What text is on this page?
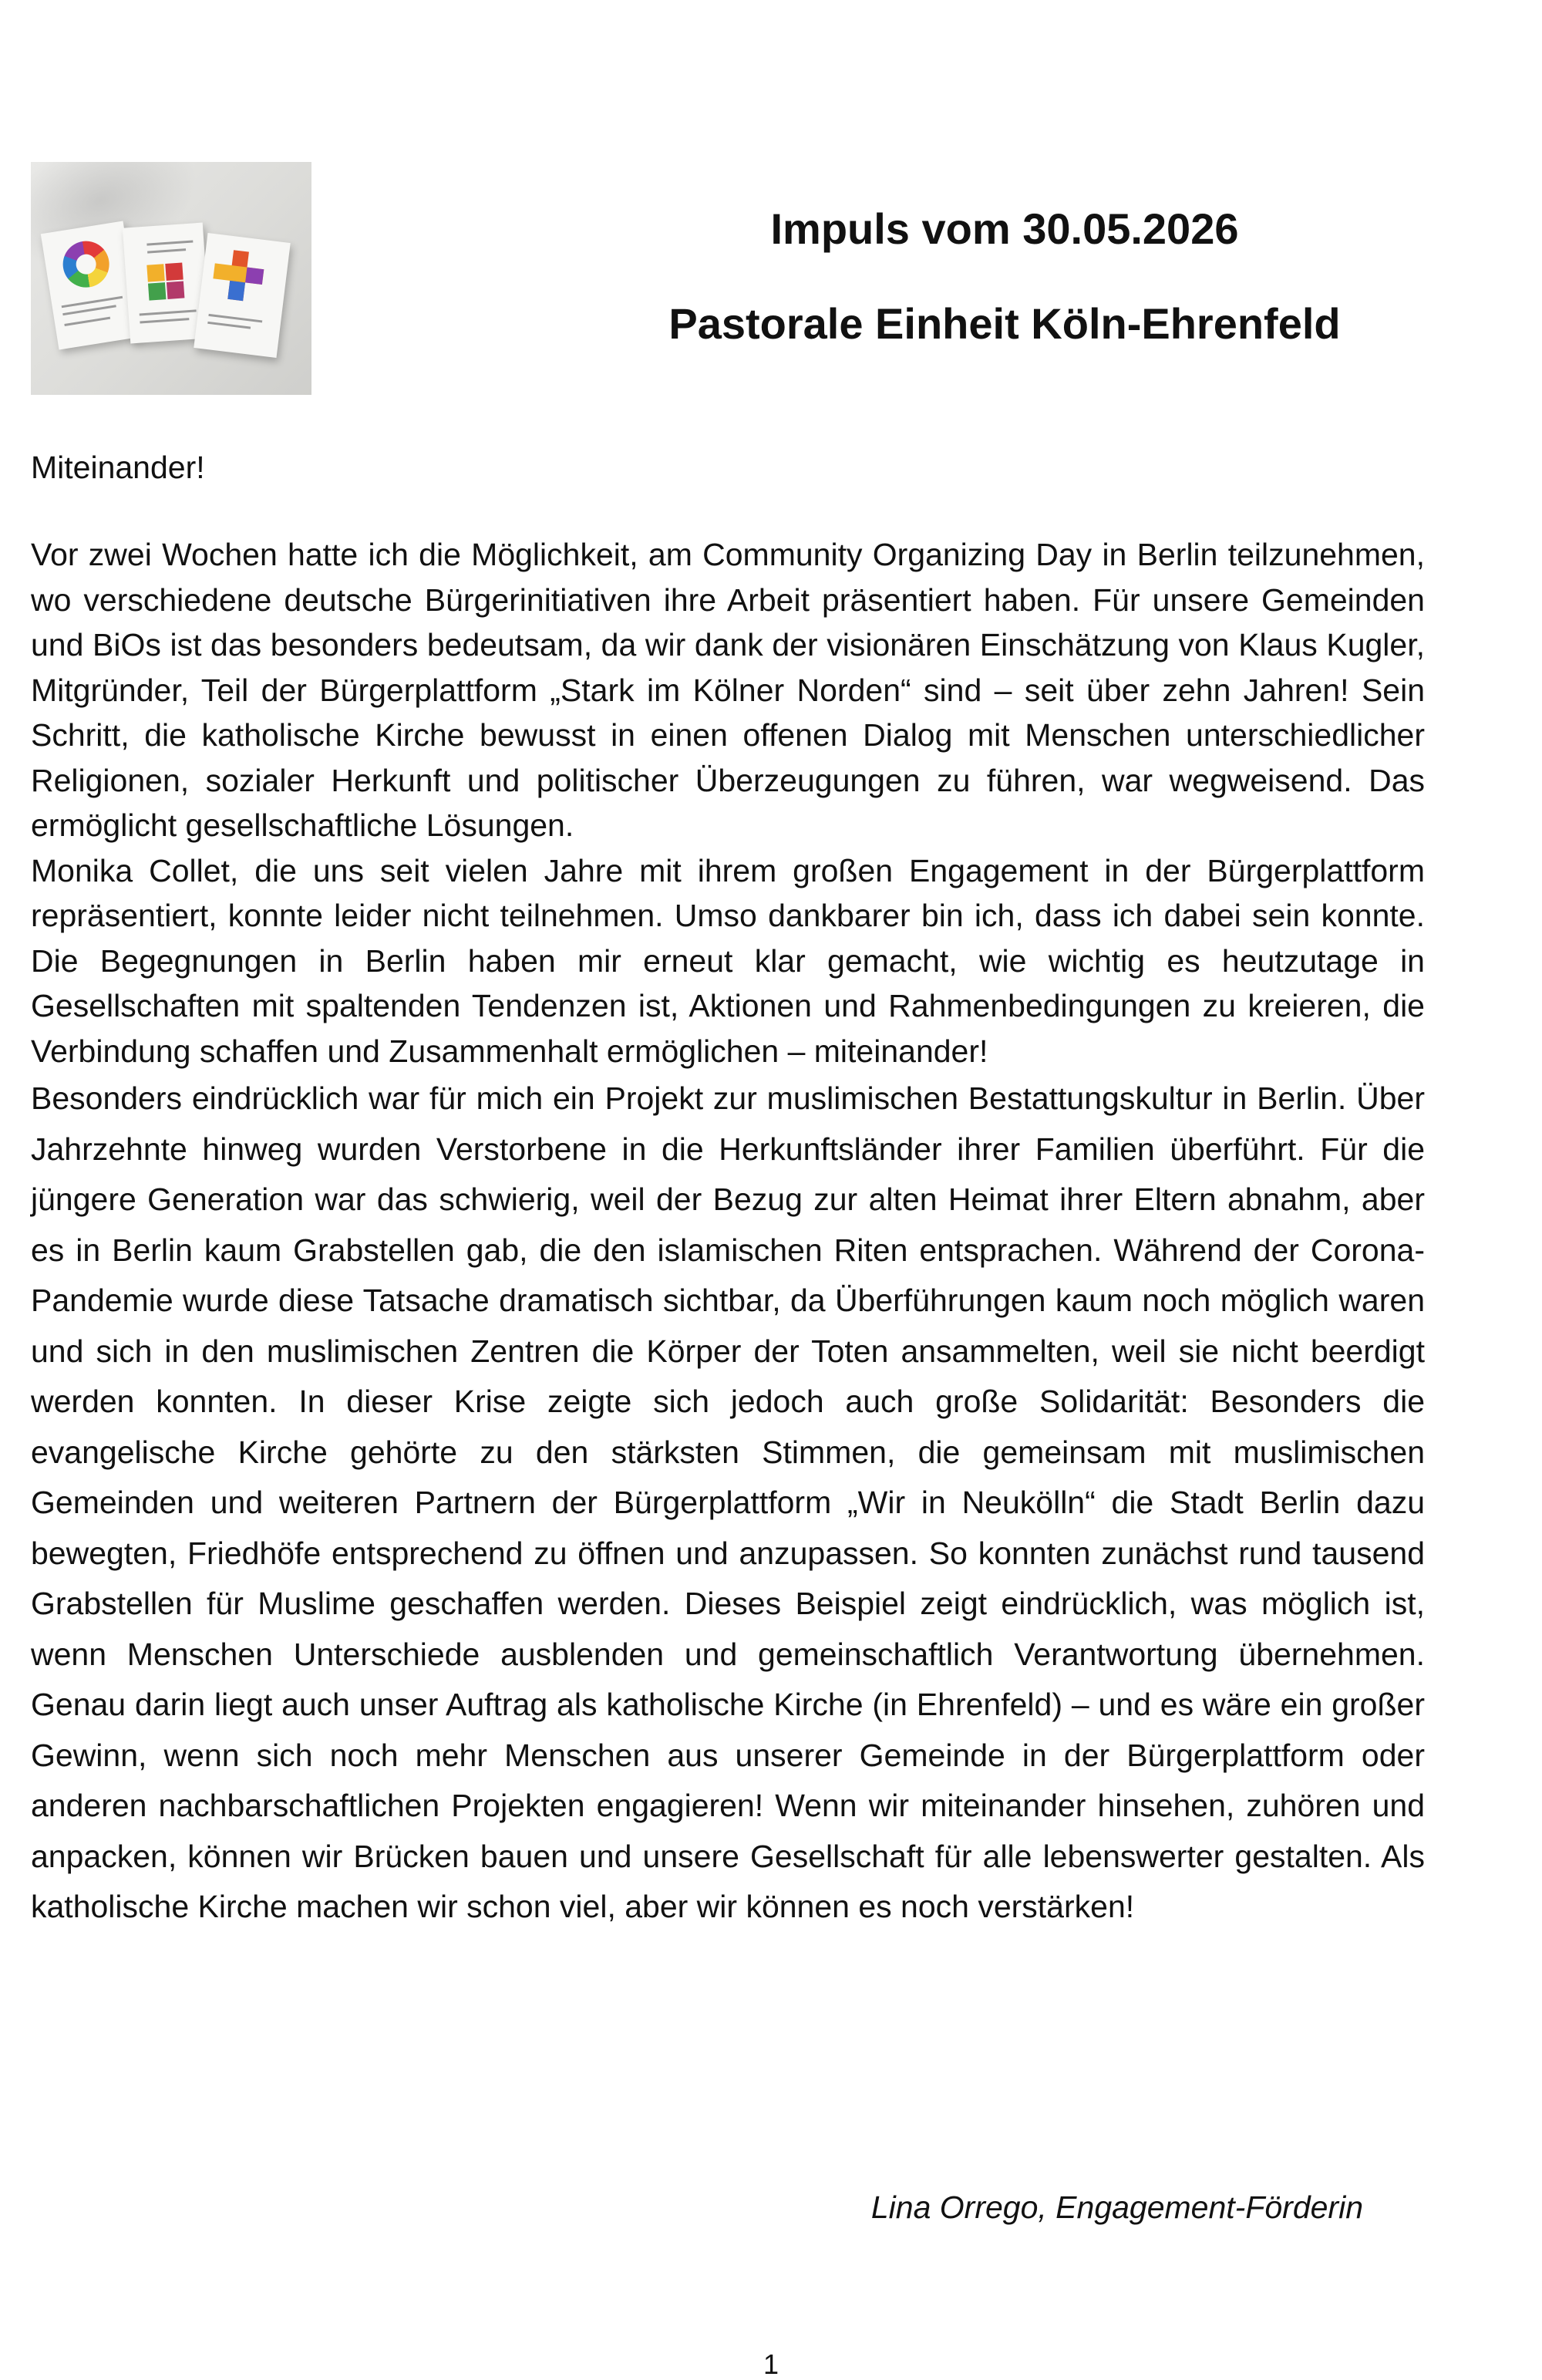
Impuls vom 30.05.2026
Pastorale Einheit Köln-Ehrenfeld

Miteinander!

Vor zwei Wochen hatte ich die Möglichkeit, am Community Organizing Day in Berlin teilzunehmen, wo verschiedene deutsche Bürgerinitiativen ihre Arbeit präsentiert haben. Für unsere Gemeinden und BiOs ist das besonders bedeutsam, da wir dank der visionären Einschätzung von Klaus Kugler, Mitgründer, Teil der Bürgerplattform „Stark im Kölner Norden“ sind – seit über zehn Jahren! Sein Schritt, die katholische Kirche bewusst in einen offenen Dialog mit Menschen unterschiedlicher Religionen, sozialer Herkunft und politischer Überzeugungen zu führen, war wegweisend. Das ermöglicht gesellschaftliche Lösungen.

Monika Collet, die uns seit vielen Jahre mit ihrem großen Engagement in der Bürgerplattform repräsentiert, konnte leider nicht teilnehmen. Umso dankbarer bin ich, dass ich dabei sein konnte. Die Begegnungen in Berlin haben mir erneut klar gemacht, wie wichtig es heutzutage in Gesellschaften mit spaltenden Tendenzen ist, Aktionen und Rahmenbedingungen zu kreieren, die Verbindung schaffen und Zusammenhalt ermöglichen – miteinander!

Besonders eindrücklich war für mich ein Projekt zur muslimischen Bestattungskultur in Berlin. Über Jahrzehnte hinweg wurden Verstorbene in die Herkunftsländer ihrer Familien überführt. Für die jüngere Generation war das schwierig, weil der Bezug zur alten Heimat ihrer Eltern abnahm, aber es in Berlin kaum Grabstellen gab, die den islamischen Riten entsprachen. Während der Corona-Pandemie wurde diese Tatsache dramatisch sichtbar, da Überführungen kaum noch möglich waren und sich in den muslimischen Zentren die Körper der Toten ansammelten, weil sie nicht beerdigt werden konnten. In dieser Krise zeigte sich jedoch auch große Solidarität: Besonders die evangelische Kirche gehörte zu den stärksten Stimmen, die gemeinsam mit muslimischen Gemeinden und weiteren Partnern der Bürgerplattform „Wir in Neukölln“ die Stadt Berlin dazu bewegten, Friedhöfe entsprechend zu öffnen und anzupassen. So konnten zunächst rund tausend Grabstellen für Muslime geschaffen werden. Dieses Beispiel zeigt eindrücklich, was möglich ist, wenn Menschen Unterschiede ausblenden und gemeinschaftlich Verantwortung übernehmen. Genau darin liegt auch unser Auftrag als katholische Kirche (in Ehrenfeld) – und es wäre ein großer Gewinn, wenn sich noch mehr Menschen aus unserer Gemeinde in der Bürgerplattform oder anderen nachbarschaftlichen Projekten engagieren! Wenn wir miteinander hinsehen, zuhören und anpacken, können wir Brücken bauen und unsere Gesellschaft für alle lebenswerter gestalten. Als katholische Kirche machen wir schon viel, aber wir können es noch verstärken!

Lina Orrego, Engagement-Förderin

1
